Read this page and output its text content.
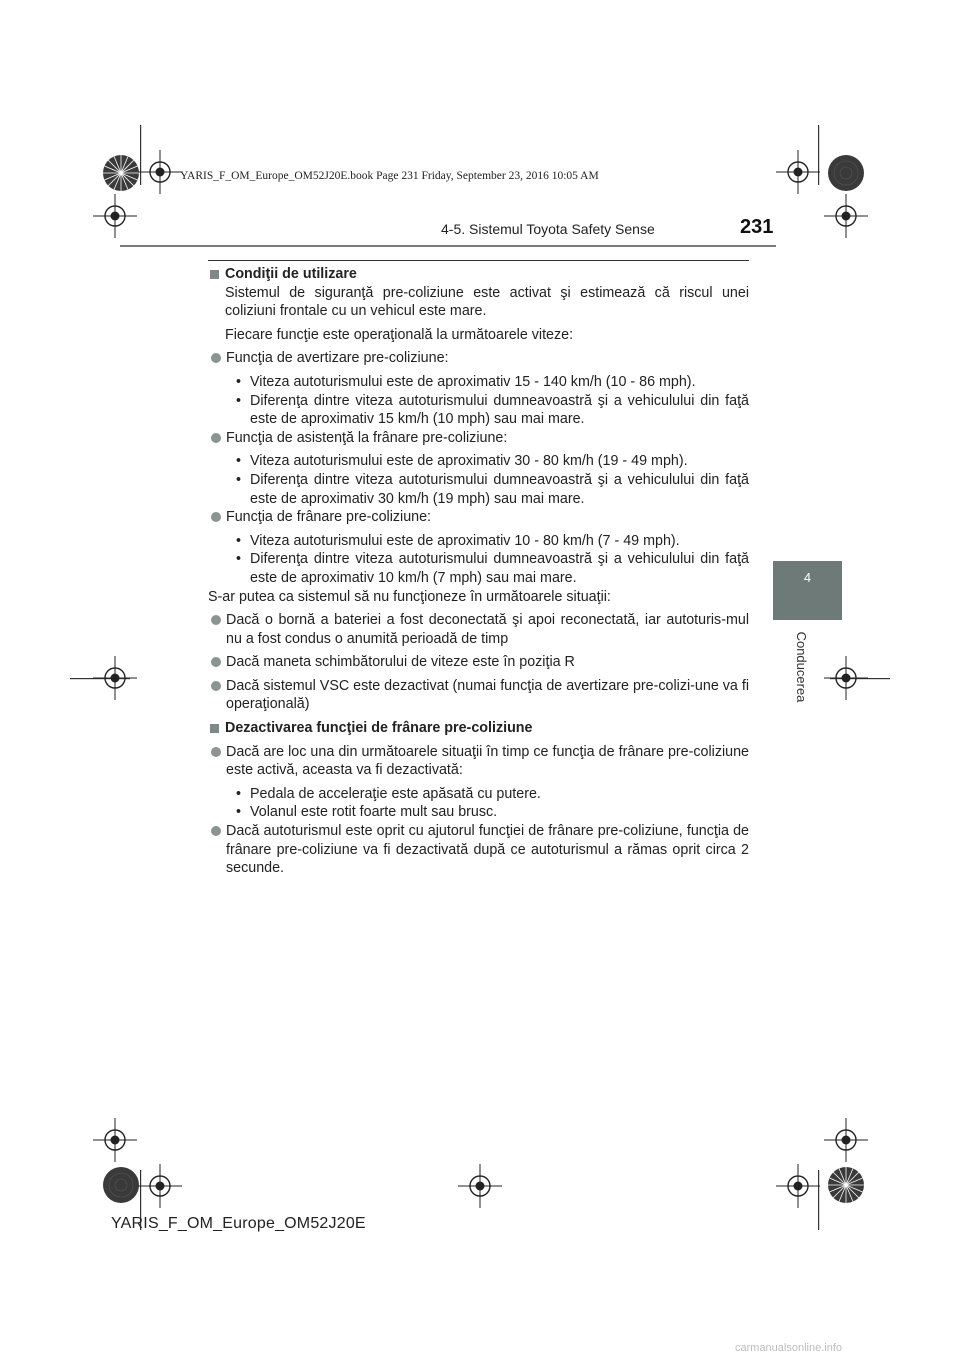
YARIS_F_OM_Europe_OM52J20E.book Page 231 Friday, September 23, 2016 10:05 AM
4-5. Sistemul Toyota Safety Sense	231
4
Conducerea
Condiţii de utilizare

Sistemul de siguranţă pre-coliziune este activat şi estimează că riscul unei coliziuni frontale cu un vehicul este mare.

Fiecare funcţie este operaţională la următoarele viteze:

Funcţia de avertizare pre-coliziune:
• Viteza autoturismului este de aproximativ 15 - 140 km/h (10 - 86 mph).
• Diferenţa dintre viteza autoturismului dumneavoastră şi a vehiculului din faţă este de aproximativ 15 km/h (10 mph) sau mai mare.
Funcţia de asistenţă la frânare pre-coliziune:
• Viteza autoturismului este de aproximativ 30 - 80 km/h (19 - 49 mph).
• Diferenţa dintre viteza autoturismului dumneavoastră şi a vehiculului din faţă este de aproximativ 30 km/h (19 mph) sau mai mare.
Funcţia de frânare pre-coliziune:
• Viteza autoturismului este de aproximativ 10 - 80 km/h (7 - 49 mph).
• Diferenţa dintre viteza autoturismului dumneavoastră şi a vehiculului din faţă este de aproximativ 10 km/h (7 mph) sau mai mare.

S-ar putea ca sistemul să nu funcţioneze în următoarele situaţii:

Dacă o bornă a bateriei a fost deconectată şi apoi reconectată, iar autoturis-mul nu a fost condus o anumită perioadă de timp
Dacă maneta schimbătorului de viteze este în poziţia R
Dacă sistemul VSC este dezactivat (numai funcţia de avertizare pre-colizi-une va fi operaţională)
Dezactivarea funcţiei de frânare pre-coliziune
Dacă are loc una din următoarele situaţii în timp ce funcţia de frânare pre-coliziune este activă, aceasta va fi dezactivată:
• Pedala de acceleraţie este apăsată cu putere.
• Volanul este rotit foarte mult sau brusc.
Dacă autoturismul este oprit cu ajutorul funcţiei de frânare pre-coliziune, funcţia de frânare pre-coliziune va fi dezactivată după ce autoturismul a rămas oprit circa 2 secunde.
YARIS_F_OM_Europe_OM52J20E
carmanualsonline.info
